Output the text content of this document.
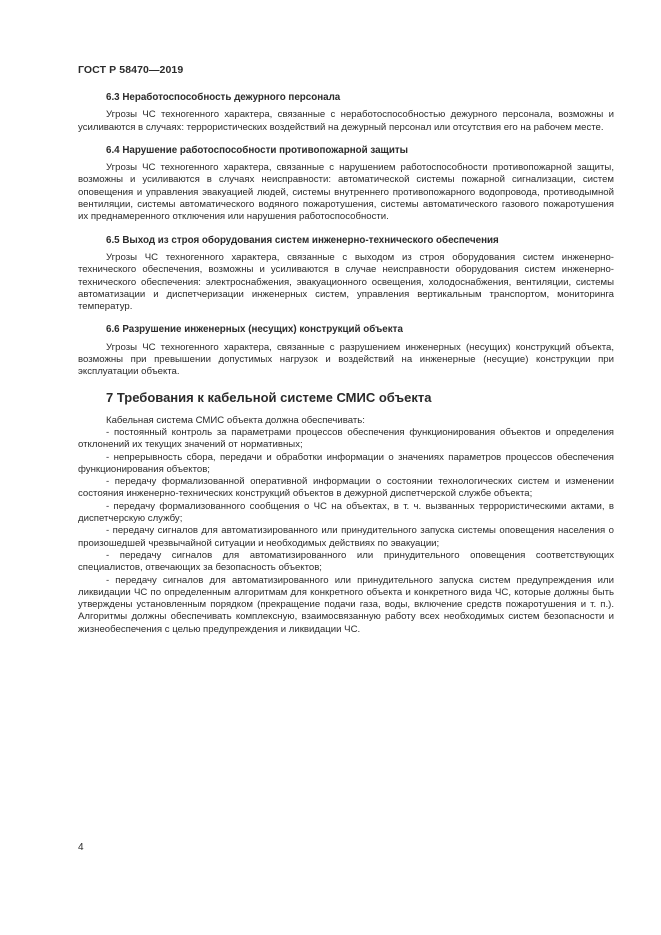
ГОСТ Р 58470—2019
6.3 Неработоспособность дежурного персонала

Угрозы ЧС техногенного характера, связанные с неработоспособностью дежурного персонала, возможны и усиливаются в случаях: террористических воздействий на дежурный персонал или отсутствия его на рабочем месте.

6.4 Нарушение работоспособности противопожарной защиты

Угрозы ЧС техногенного характера, связанные с нарушением работоспособности противопожарной защиты, возможны и усиливаются в случаях неисправности: автоматической системы пожарной сигнализации, систем оповещения и управления эвакуацией людей, системы внутреннего противопожарного водопровода, противодымной вентиляции, системы автоматического водяного пожаротушения, системы автоматического газового пожаротушения их преднамеренного отключения или нарушения работоспособности.

6.5 Выход из строя оборудования систем инженерно-технического обеспечения

Угрозы ЧС техногенного характера, связанные с выходом из строя оборудования систем инженерно-технического обеспечения, возможны и усиливаются в случае неисправности оборудования систем инженерно-технического обеспечения: электроснабжения, эвакуационного освещения, холодоснабжения, вентиляции, системы автоматизации и диспетчеризации инженерных систем, управления вертикальным транспортом, мониторинга температур.

6.6 Разрушение инженерных (несущих) конструкций объекта

Угрозы ЧС техногенного характера, связанные с разрушением инженерных (несущих) конструкций объекта, возможны при превышении допустимых нагрузок и воздействий на инженерные (несущие) конструкции при эксплуатации объекта.

7 Требования к кабельной системе СМИС объекта

Кабельная система СМИС объекта должна обеспечивать:

- постоянный контроль за параметрами процессов обеспечения функционирования объектов и определения отклонений их текущих значений от нормативных;
- непрерывность сбора, передачи и обработки информации о значениях параметров процессов обеспечения функционирования объектов;
- передачу формализованной оперативной информации о состоянии технологических систем и изменении состояния инженерно-технических конструкций объектов в дежурной диспетчерской службе объекта;
- передачу формализованного сообщения о ЧС на объектах, в т. ч. вызванных террористическими актами, в диспетчерскую службу;
- передачу сигналов для автоматизированного или принудительного запуска системы оповещения населения о произошедшей чрезвычайной ситуации и необходимых действиях по эвакуации;
- передачу сигналов для автоматизированного или принудительного оповещения соответствующих специалистов, отвечающих за безопасность объектов;
- передачу сигналов для автоматизированного или принудительного запуска систем предупреждения или ликвидации ЧС по определенным алгоритмам для конкретного объекта и конкретного вида ЧС, которые должны быть утверждены установленным порядком (прекращение подачи газа, воды, включение средств пожаротушения и т. п.). Алгоритмы должны обеспечивать комплексную, взаимосвязанную работу всех необходимых систем безопасности и жизнеобеспечения с целью предупреждения и ликвидации ЧС.
4
